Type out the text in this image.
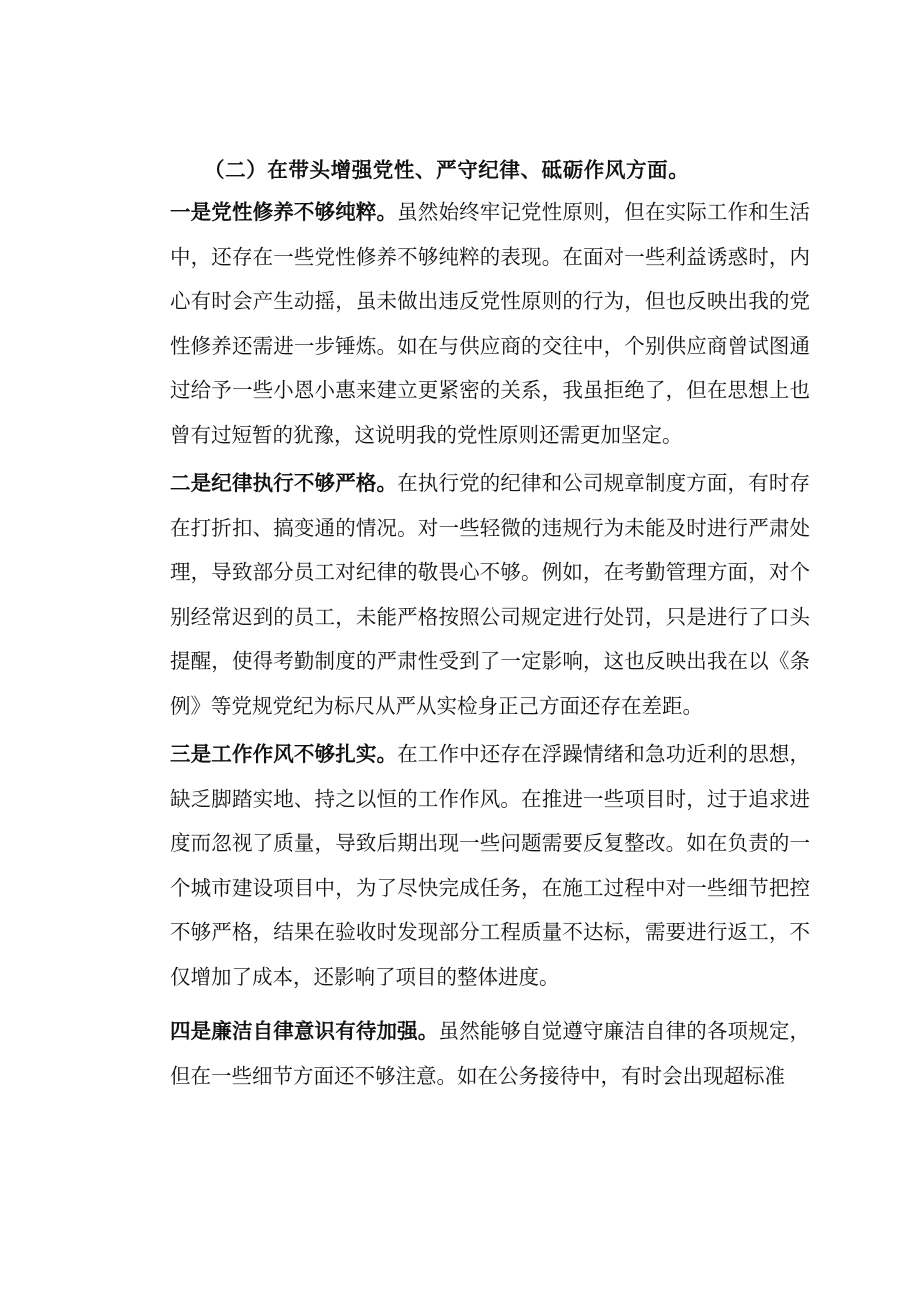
（二）在带头增强党性、严守纪律、砥砺作风方面。

一是党性修养不够纯粹。虽然始终牢记党性原则，但在实际工作和生活中，还存在一些党性修养不够纯粹的表现。在面对一些利益诱惑时，内心有时会产生动摇，虽未做出违反党性原则的行为，但也反映出我的党性修养还需进一步锤炼。如在与供应商的交往中，个别供应商曾试图通过给予一些小恩小惠来建立更紧密的关系，我虽拒绝了，但在思想上也曾有过短暂的犹豫，这说明我的党性原则还需更加坚定。

二是纪律执行不够严格。在执行党的纪律和公司规章制度方面，有时存在打折扣、搞变通的情况。对一些轻微的违规行为未能及时进行严肃处理，导致部分员工对纪律的敬畏心不够。例如，在考勤管理方面，对个别经常迟到的员工，未能严格按照公司规定进行处罚，只是进行了口头提醒，使得考勤制度的严肃性受到了一定影响，这也反映出我在以《条例》等党规党纪为标尺从严从实检身正己方面还存在差距。

三是工作作风不够扎实。在工作中还存在浮躁情绪和急功近利的思想，缺乏脚踏实地、持之以恒的工作作风。在推进一些项目时，过于追求进度而忽视了质量，导致后期出现一些问题需要反复整改。如在负责的一个城市建设项目中，为了尽快完成任务，在施工过程中对一些细节把控不够严格，结果在验收时发现部分工程质量不达标，需要进行返工，不仅增加了成本，还影响了项目的整体进度。

四是廉洁自律意识有待加强。虽然能够自觉遵守廉洁自律的各项规定，但在一些细节方面还不够注意。如在公务接待中，有时会出现超标准
